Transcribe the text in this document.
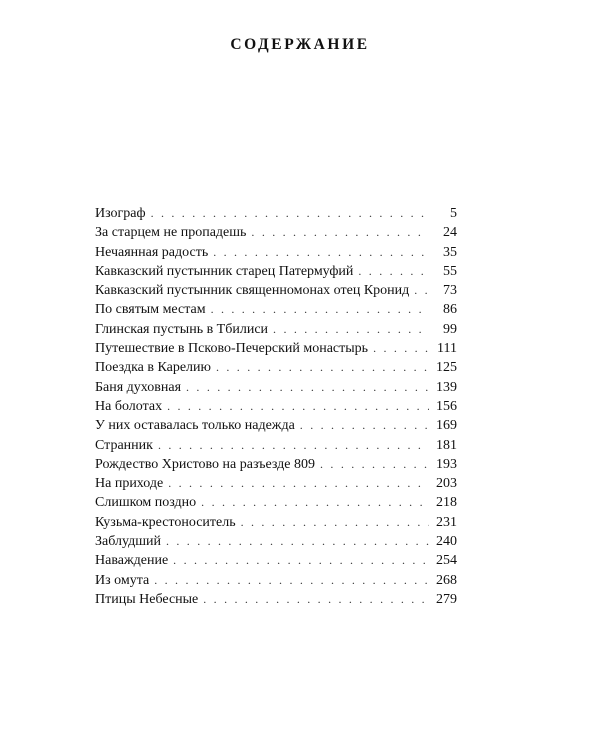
СОДЕРЖАНИЕ
Изограф . . .	5
За старцем не пропадешь . . .	24
Нечаянная радость . . .	35
Кавказский пустынник старец Патермуфий . . .	55
Кавказский пустынник священномонах отец Кронид . . .	73
По святым местам . . .	86
Глинская пустынь в Тбилиси . . .	99
Путешествие в Псково-Печерский монастырь . . .	111
Поездка в Карелию . . .	125
Баня духовная . . .	139
На болотах . . .	156
У них оставалась только надежда . . .	169
Странник . . .	181
Рождество Христово на разъезде 809 . . .	193
На приходе . . .	203
Слишком поздно . . .	218
Кузьма-крестоноситель . . .	231
Заблудший . . .	240
Наваждение . . .	254
Из омута . . .	268
Птицы Небесные . . .	279
